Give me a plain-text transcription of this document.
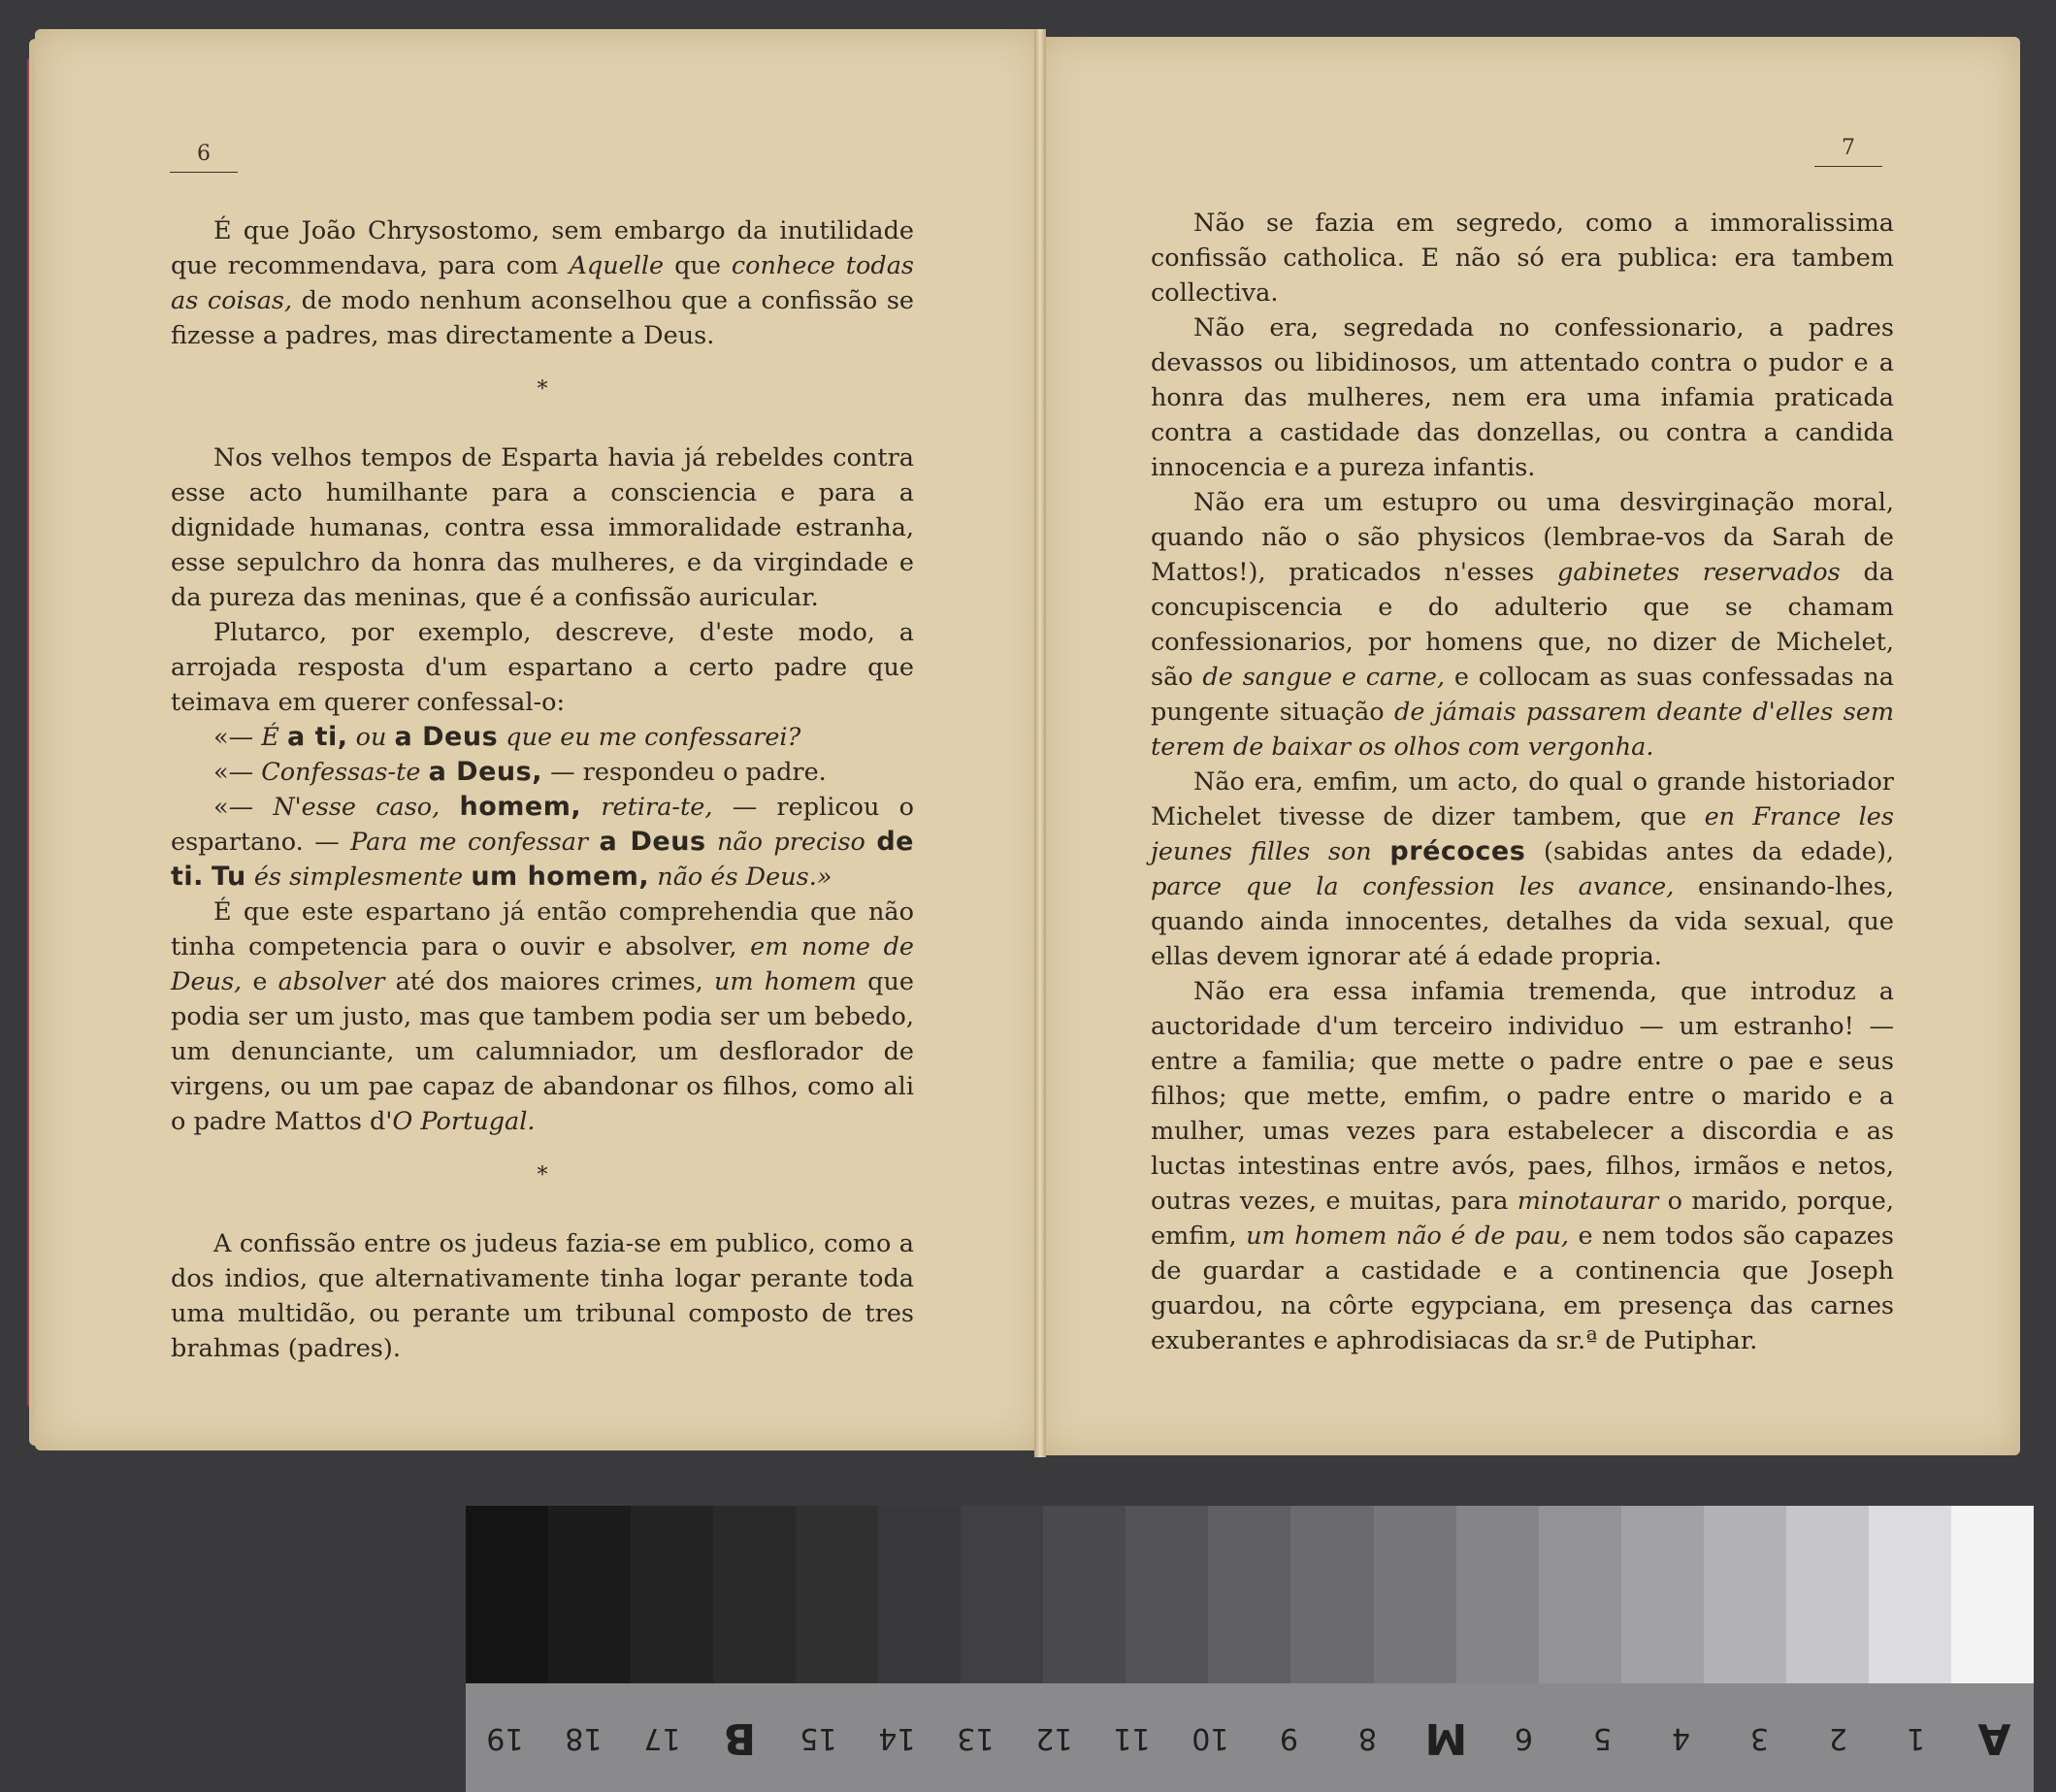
6	7

É que João Chrysostomo, sem embargo da inutilidade que recommendava, para com Aquelle que conhece todas as coisas, de modo nenhum aconselhou que a confissão se fizesse a padres, mas directamente a Deus.

*

Nos velhos tempos de Esparta havia já rebeldes contra esse acto humilhante para a consciencia e para a dignidade humanas, contra essa immoralidade estranha, esse sepulchro da honra das mulheres, e da virgindade e da pureza das meninas, que é a confissão auricular.

Plutarco, por exemplo, descreve, d'este modo, a arrojada resposta d'um espartano a certo padre que teimava em querer confessal-o:

«— É a ti, ou a Deus que eu me confessarei?

«— Confessas-te a Deus, — respondeu o padre.

«— N'esse caso, homem, retira-te, — replicou o espartano. — Para me confessar a Deus não preciso de ti. Tu és simplesmente um homem, não és Deus.»

É que este espartano já então comprehendia que não tinha competencia para o ouvir e absolver, em nome de Deus, e absolver até dos maiores crimes, um homem que podia ser um justo, mas que tambem podia ser um bebedo, um denunciante, um calumniador, um desflorador de virgens, ou um pae capaz de abandonar os filhos, como ali o padre Mattos d'O Portugal.

*

A confissão entre os judeus fazia-se em publico, como a dos indios, que alternativamente tinha logar perante toda uma multidão, ou perante um tribunal composto de tres brahmas (padres).

Não se fazia em segredo, como a immoralissima confissão catholica. E não só era publica: era tambem collectiva.

Não era, segredada no confessionario, a padres devassos ou libidinosos, um attentado contra o pudor e a honra das mulheres, nem era uma infamia praticada contra a castidade das donzellas, ou contra a candida innocencia e a pureza infantis.

Não era um estupro ou uma desvirginação moral, quando não o são physicos (lembrae-vos da Sarah de Mattos!), praticados n'esses gabinetes reservados da concupiscencia e do adulterio que se chamam confessionarios, por homens que, no dizer de Michelet, são de sangue e carne, e collocam as suas confessadas na pungente situação de jámais passarem deante d'elles sem terem de baixar os olhos com vergonha.

Não era, emfim, um acto, do qual o grande historiador Michelet tivesse de dizer tambem, que en France les jeunes filles son précoces (sabidas antes da edade), parce que la confession les avance, ensinando-lhes, quando ainda innocentes, detalhes da vida sexual, que ellas devem ignorar até á edade propria.

Não era essa infamia tremenda, que introduz a auctoridade d'um terceiro individuo — um estranho! — entre a familia; que mette o padre entre o pae e seus filhos; que mette, emfim, o padre entre o marido e a mulher, umas vezes para estabelecer a discordia e as luctas intestinas entre avós, paes, filhos, irmãos e netos, outras vezes, e muitas, para minotaurar o marido, porque, emfim, um homem não é de pau, e nem todos são capazes de guardar a castidade e a continencia que Joseph guardou, na côrte egypciana, em presença das carnes exuberantes e aphrodisiacas da sr.ª de Putiphar.

19	18	17	B	15	14	13	12	11	10	9	8	M	6	5	4	3	2	1	A
